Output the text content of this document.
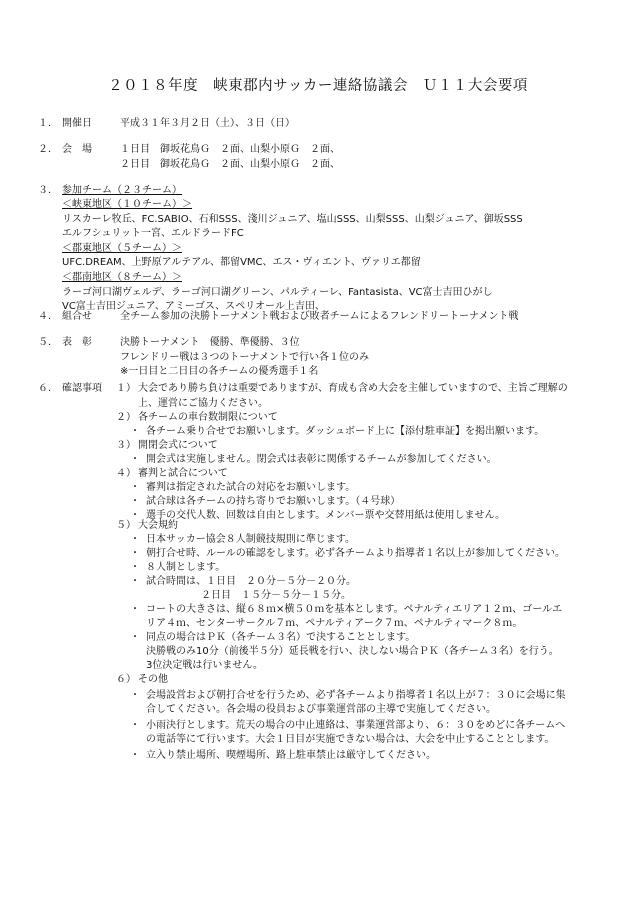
２０１８年度　峡東郡内サッカー連絡協議会　Ｕ１１大会要項
１． 開催日	平成３１年３月２日（土）、３日（日）
２． 会　場	１日目　御坂花鳥Ｇ　２面、山梨小原Ｇ　２面、
２日目　御坂花鳥Ｇ　２面、山梨小原Ｇ　２面、
３． 参加チーム（２３チーム）
＜峡東地区（１０チーム）＞
リスカーレ牧丘、FC.SABIO、石和SSS、淺川ジュニア、塩山SSS、山梨SSS、山梨ジュニア、御坂SSS
エルフシュリット一宮、エルドラードFC
＜郡東地区（５チーム）＞
UFC.DREAM、上野原アルテアル、都留VMC、エス・ヴィエント、ヴァリエ都留
＜郡南地区（８チーム）＞
ラーゴ河口湖ヴェルデ、ラーゴ河口湖グリーン、パルティーレ、Fantasista、VC富士吉田ひがし
VC富士吉田ジュニア、アミーゴス、スペリオール上吉田、
４． 組合せ	全チーム参加の決勝トーナメント戦および敗者チームによるフレンドリートーナメント戦
５． 表　彰	決勝トーナメント　優勝、準優勝、３位
フレンドリー戦は３つのトーナメントで行い各１位のみ
※一日目と二日目の各チームの優秀選手１名
６． 確認事項 １） 大会であり勝ち負けは重要でありますが、育成も含め大会を主催していますので、主旨ご理解の
上、運営にご協力ください。
２） 各チームの車台数制限について
・ 各チーム乗り合せでお願いします。ダッシュボード上に【添付駐車証】を掲出願います。
３） 開閉会式について
・ 開会式は実施しません。閉会式は表彰に関係するチームが参加してください。
４） 審判と試合について
・ 審判は指定された試合の対応をお願いします。
・ 試合球は各チームの持ち寄りでお願いします。（４号球）
・ 選手の交代人数、回数は自由とします。メンバー票や交替用紙は使用しません。
５） 大会規約
・ 日本サッカー協会８人制競技規則に準じます。
・ 朝打合せ時、ルールの確認をします。必ず各チームより指導者１名以上が参加してください。
・ ８人制とします。
・ 試合時間は、１日目　２０分－５分－２０分。
２日目　１５分－５分－１５分。
・ コートの大きさは、縦６８ｍ×横５０ｍを基本とします。ペナルティエリア１２ｍ、ゴールエ
リア４ｍ、センターサークル７ｍ、ペナルティアーク７ｍ、ペナルティマーク８ｍ。
・ 同点の場合はＰＫ（各チーム３名）で決することとします。
決勝戦のみ10分（前後半５分）延長戦を行い、決しない場合ＰＫ（各チーム３名）を行う。
3位決定戦は行いません。
６） その他
・ 会場設営および朝打合せを行うため、必ず各チームより指導者１名以上が７：３０に会場に集
合してください。各会場の役員および事業運営部の主導で実施してください。
・ 小雨決行とします。荒天の場合の中止連絡は、事業運営部より、６：３０をめどに各チームへ
の電話等にて行います。大会１日目が実施できない場合は、大会を中止することとします。
・ 立入り禁止場所、喫煙場所、路上駐車禁止は厳守してください。
